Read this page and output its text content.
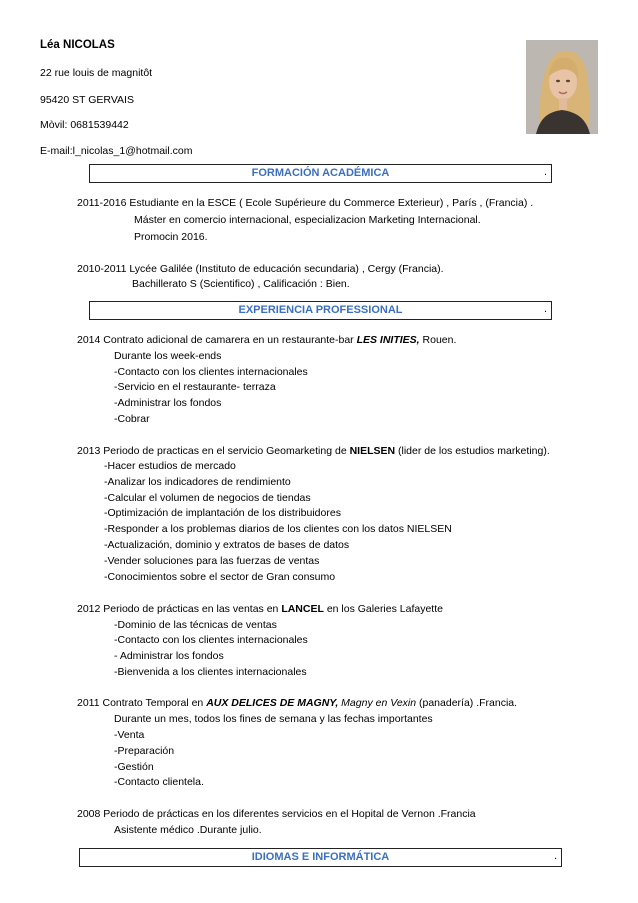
Léa NICOLAS
22 rue louis de magnitôt
95420 ST GERVAIS
Mòvil: 0681539442
E-mail:l_nicolas_1@hotmail.com
FORMACIÓN ACADÉMICA	.
2011-2016 Estudiante en la ESCE ( Ecole Supérieure du Commerce Exterieur) , París , (Francia) .
Máster en comercio internacional, especializacion Marketing Internacional.
Promocin 2016.
2010-2011 Lycée Galilée (Instituto de educación secundaria) , Cergy (Francia).
Bachillerato S (Scientifico) , Calificación : Bien.
EXPERIENCIA PROFESSIONAL	.
2014 Contrato adicional de camarera en un restaurante-bar LES INITIES, Rouen.
Durante los week-ends
-Contacto con los clientes internacionales
-Servicio en el restaurante- terraza
-Administrar los fondos
-Cobrar
2013 Periodo de practicas en el servicio Geomarketing de NIELSEN (lider de los estudios marketing).
-Hacer estudios de mercado
-Analizar los indicadores de rendimiento
-Calcular el volumen de negocios de tiendas
-Optimización de implantación de los distribuidores
-Responder a los problemas diarios de los clientes con los datos NIELSEN
-Actualización, dominio y extratos de bases de datos
-Vender soluciones para las fuerzas de ventas
-Conocimientos sobre el sector de Gran consumo
2012 Periodo de prácticas en las ventas en LANCEL en los Galeries Lafayette
-Dominio de las técnicas de ventas
-Contacto con los clientes internacionales
- Administrar los fondos
-Bienvenida a los clientes internacionales
2011 Contrato Temporal en AUX DELICES DE MAGNY, Magny en Vexin (panadería) .Francia.
Durante un mes, todos los fines de semana y las fechas importantes
-Venta
-Preparación
-Gestión
-Contacto clientela.
2008 Periodo de prácticas en los diferentes servicios en el Hopital de Vernon .Francia
Asistente médico .Durante julio.
IDIOMAS E INFORMÁTICA	.
